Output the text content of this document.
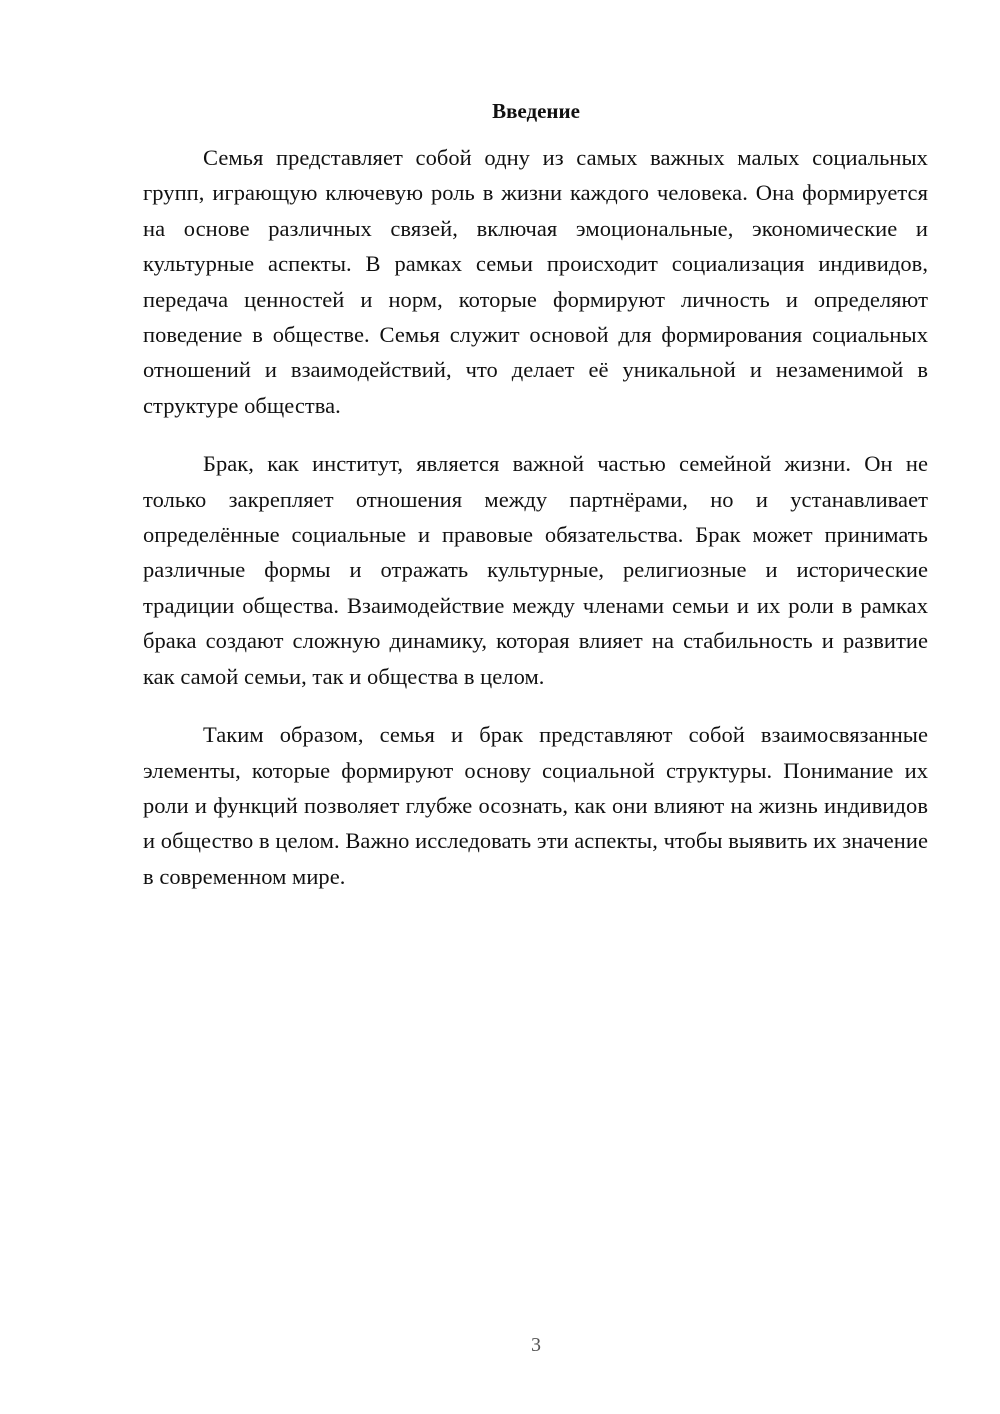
Введение

Семья представляет собой одну из самых важных малых социальных групп, играющую ключевую роль в жизни каждого человека. Она формируется на основе различных связей, включая эмоциональные, экономические и культурные аспекты. В рамках семьи происходит социализация индивидов, передача ценностей и норм, которые формируют личность и определяют поведение в обществе. Семья служит основой для формирования социальных отношений и взаимодействий, что делает её уникальной и незаменимой в структуре общества.

Брак, как институт, является важной частью семейной жизни. Он не только закрепляет отношения между партнёрами, но и устанавливает определённые социальные и правовые обязательства. Брак может принимать различные формы и отражать культурные, религиозные и исторические традиции общества. Взаимодействие между членами семьи и их роли в рамках брака создают сложную динамику, которая влияет на стабильность и развитие как самой семьи, так и общества в целом.

Таким образом, семья и брак представляют собой взаимосвязанные элементы, которые формируют основу социальной структуры. Понимание их роли и функций позволяет глубже осознать, как они влияют на жизнь индивидов и общество в целом. Важно исследовать эти аспекты, чтобы выявить их значение в современном мире.

3
